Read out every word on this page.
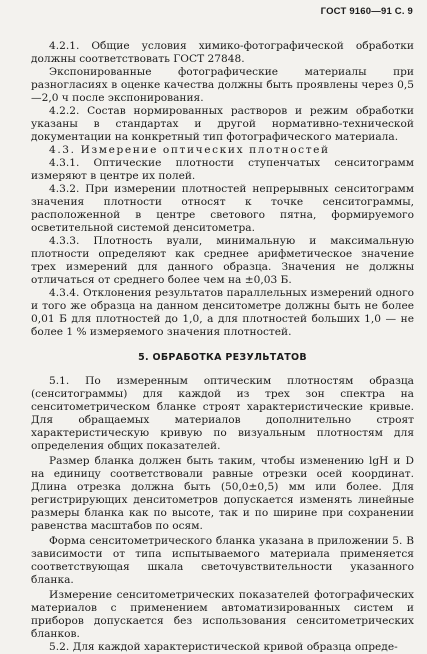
ГОСТ 9160—91 С. 9

4.2.1. Общие условия химико-фотографической обработки должны соответствовать ГОСТ 27848.

Экспонированные фотографические материалы при разногласиях в оценке качества должны быть проявлены через 0,5—2,0 ч после экспонирования.

4.2.2. Состав нормированных растворов и режим обработки указаны в стандартах и другой нормативно-технической документации на конкретный тип фотографического материала.

4.3. Измерение оптических плотностей

4.3.1. Оптические плотности ступенчатых сенситограмм измеряют в центре их полей.

4.3.2. При измерении плотностей непрерывных сенситограмм значения плотности относят к точке сенситограммы, расположенной в центре светового пятна, формируемого осветительной системой денситометра.

4.3.3. Плотность вуали, минимальную и максимальную плотности определяют как среднее арифметическое значение трех измерений для данного образца. Значения не должны отличаться от среднего более чем на ±0,03 Б.

4.3.4. Отклонения результатов параллельных измерений одного и того же образца на данном денситометре должны быть не более 0,01 Б для плотностей до 1,0, а для плотностей больших 1,0 — не более 1 % измеряемого значения плотностей.

5. ОБРАБОТКА РЕЗУЛЬТАТОВ

5.1. По измеренным оптическим плотностям образца (сенситограммы) для каждой из трех зон спектра на сенситометрическом бланке строят характеристические кривые. Для обращаемых материалов дополнительно строят характеристическую кривую по визуальным плотностям для определения общих показателей.

Размер бланка должен быть таким, чтобы изменению lgH и D на единицу соответствовали равные отрезки осей координат. Длина отрезка должна быть (50,0±0,5) мм или более. Для регистрирующих денситометров допускается изменять линейные размеры бланка как по высоте, так и по ширине при сохранении равенства масштабов по осям.

Форма сенситометрического бланка указана в приложении 5. В зависимости от типа испытываемого материала применяется соответствующая шкала светочувствительности указанного бланка.

Измерение сенситометрических показателей фотографических материалов с применением автоматизированных систем и приборов допускается без использования сенситометрических бланков.

5.2. Для каждой характеристической кривой образца опреде-
